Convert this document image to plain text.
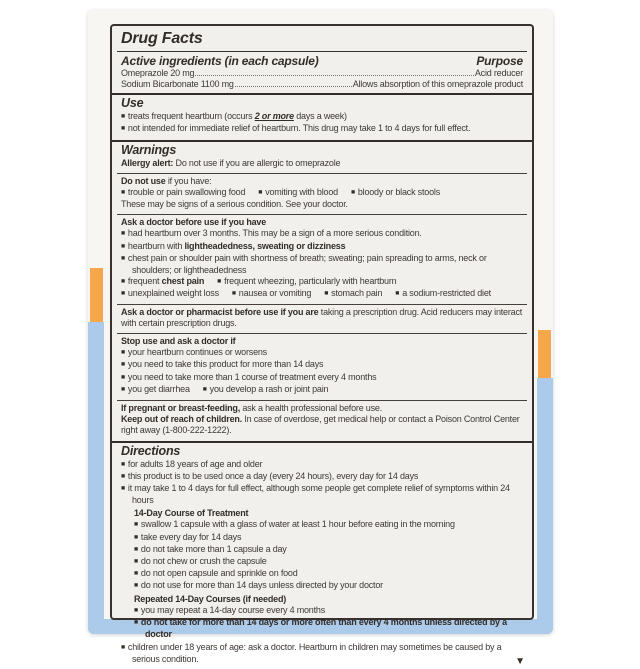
Drug Facts
Active ingredients (in each capsule)	Purpose
Omeprazole 20 mg	Acid reducer
Sodium Bicarbonate 1100 mg	Allows absorption of this omeprazole product
Use
■ treats frequent heartburn (occurs 2 or more days a week)
■ not intended for immediate relief of heartburn. This drug may take 1 to 4 days for full effect.
Warnings
Allergy alert: Do not use if you are allergic to omeprazole
Do not use if you have:
■ trouble or pain swallowing food ■ vomiting with blood ■ bloody or black stools
These may be signs of a serious condition. See your doctor.
Ask a doctor before use if you have
■ had heartburn over 3 months. This may be a sign of a more serious condition.
■ heartburn with lightheadedness, sweating or dizziness
■ chest pain or shoulder pain with shortness of breath; sweating; pain spreading to arms, neck or shoulders; or lightheadedness
■ frequent chest pain ■ frequent wheezing, particularly with heartburn
■ unexplained weight loss ■ nausea or vomiting ■ stomach pain ■ a sodium-restricted diet
Ask a doctor or pharmacist before use if you are taking a prescription drug. Acid reducers may interact with certain prescription drugs.
Stop use and ask a doctor if
■ your heartburn continues or worsens
■ you need to take this product for more than 14 days
■ you need to take more than 1 course of treatment every 4 months
■ you get diarrhea ■ you develop a rash or joint pain
If pregnant or breast-feeding, ask a health professional before use.
Keep out of reach of children. In case of overdose, get medical help or contact a Poison Control Center right away (1-800-222-1222).
Directions
■ for adults 18 years of age and older
■ this product is to be used once a day (every 24 hours), every day for 14 days
■ it may take 1 to 4 days for full effect, although some people get complete relief of symptoms within 24 hours
14-Day Course of Treatment
■ swallow 1 capsule with a glass of water at least 1 hour before eating in the morning
■ take every day for 14 days
■ do not take more than 1 capsule a day
■ do not chew or crush the capsule
■ do not open capsule and sprinkle on food
■ do not use for more than 14 days unless directed by your doctor
Repeated 14-Day Courses (if needed)
■ you may repeat a 14-day course every 4 months
■ do not take for more than 14 days or more often than every 4 months unless directed by a doctor
■ children under 18 years of age: ask a doctor. Heartburn in children may sometimes be caused by a serious condition.	▼
